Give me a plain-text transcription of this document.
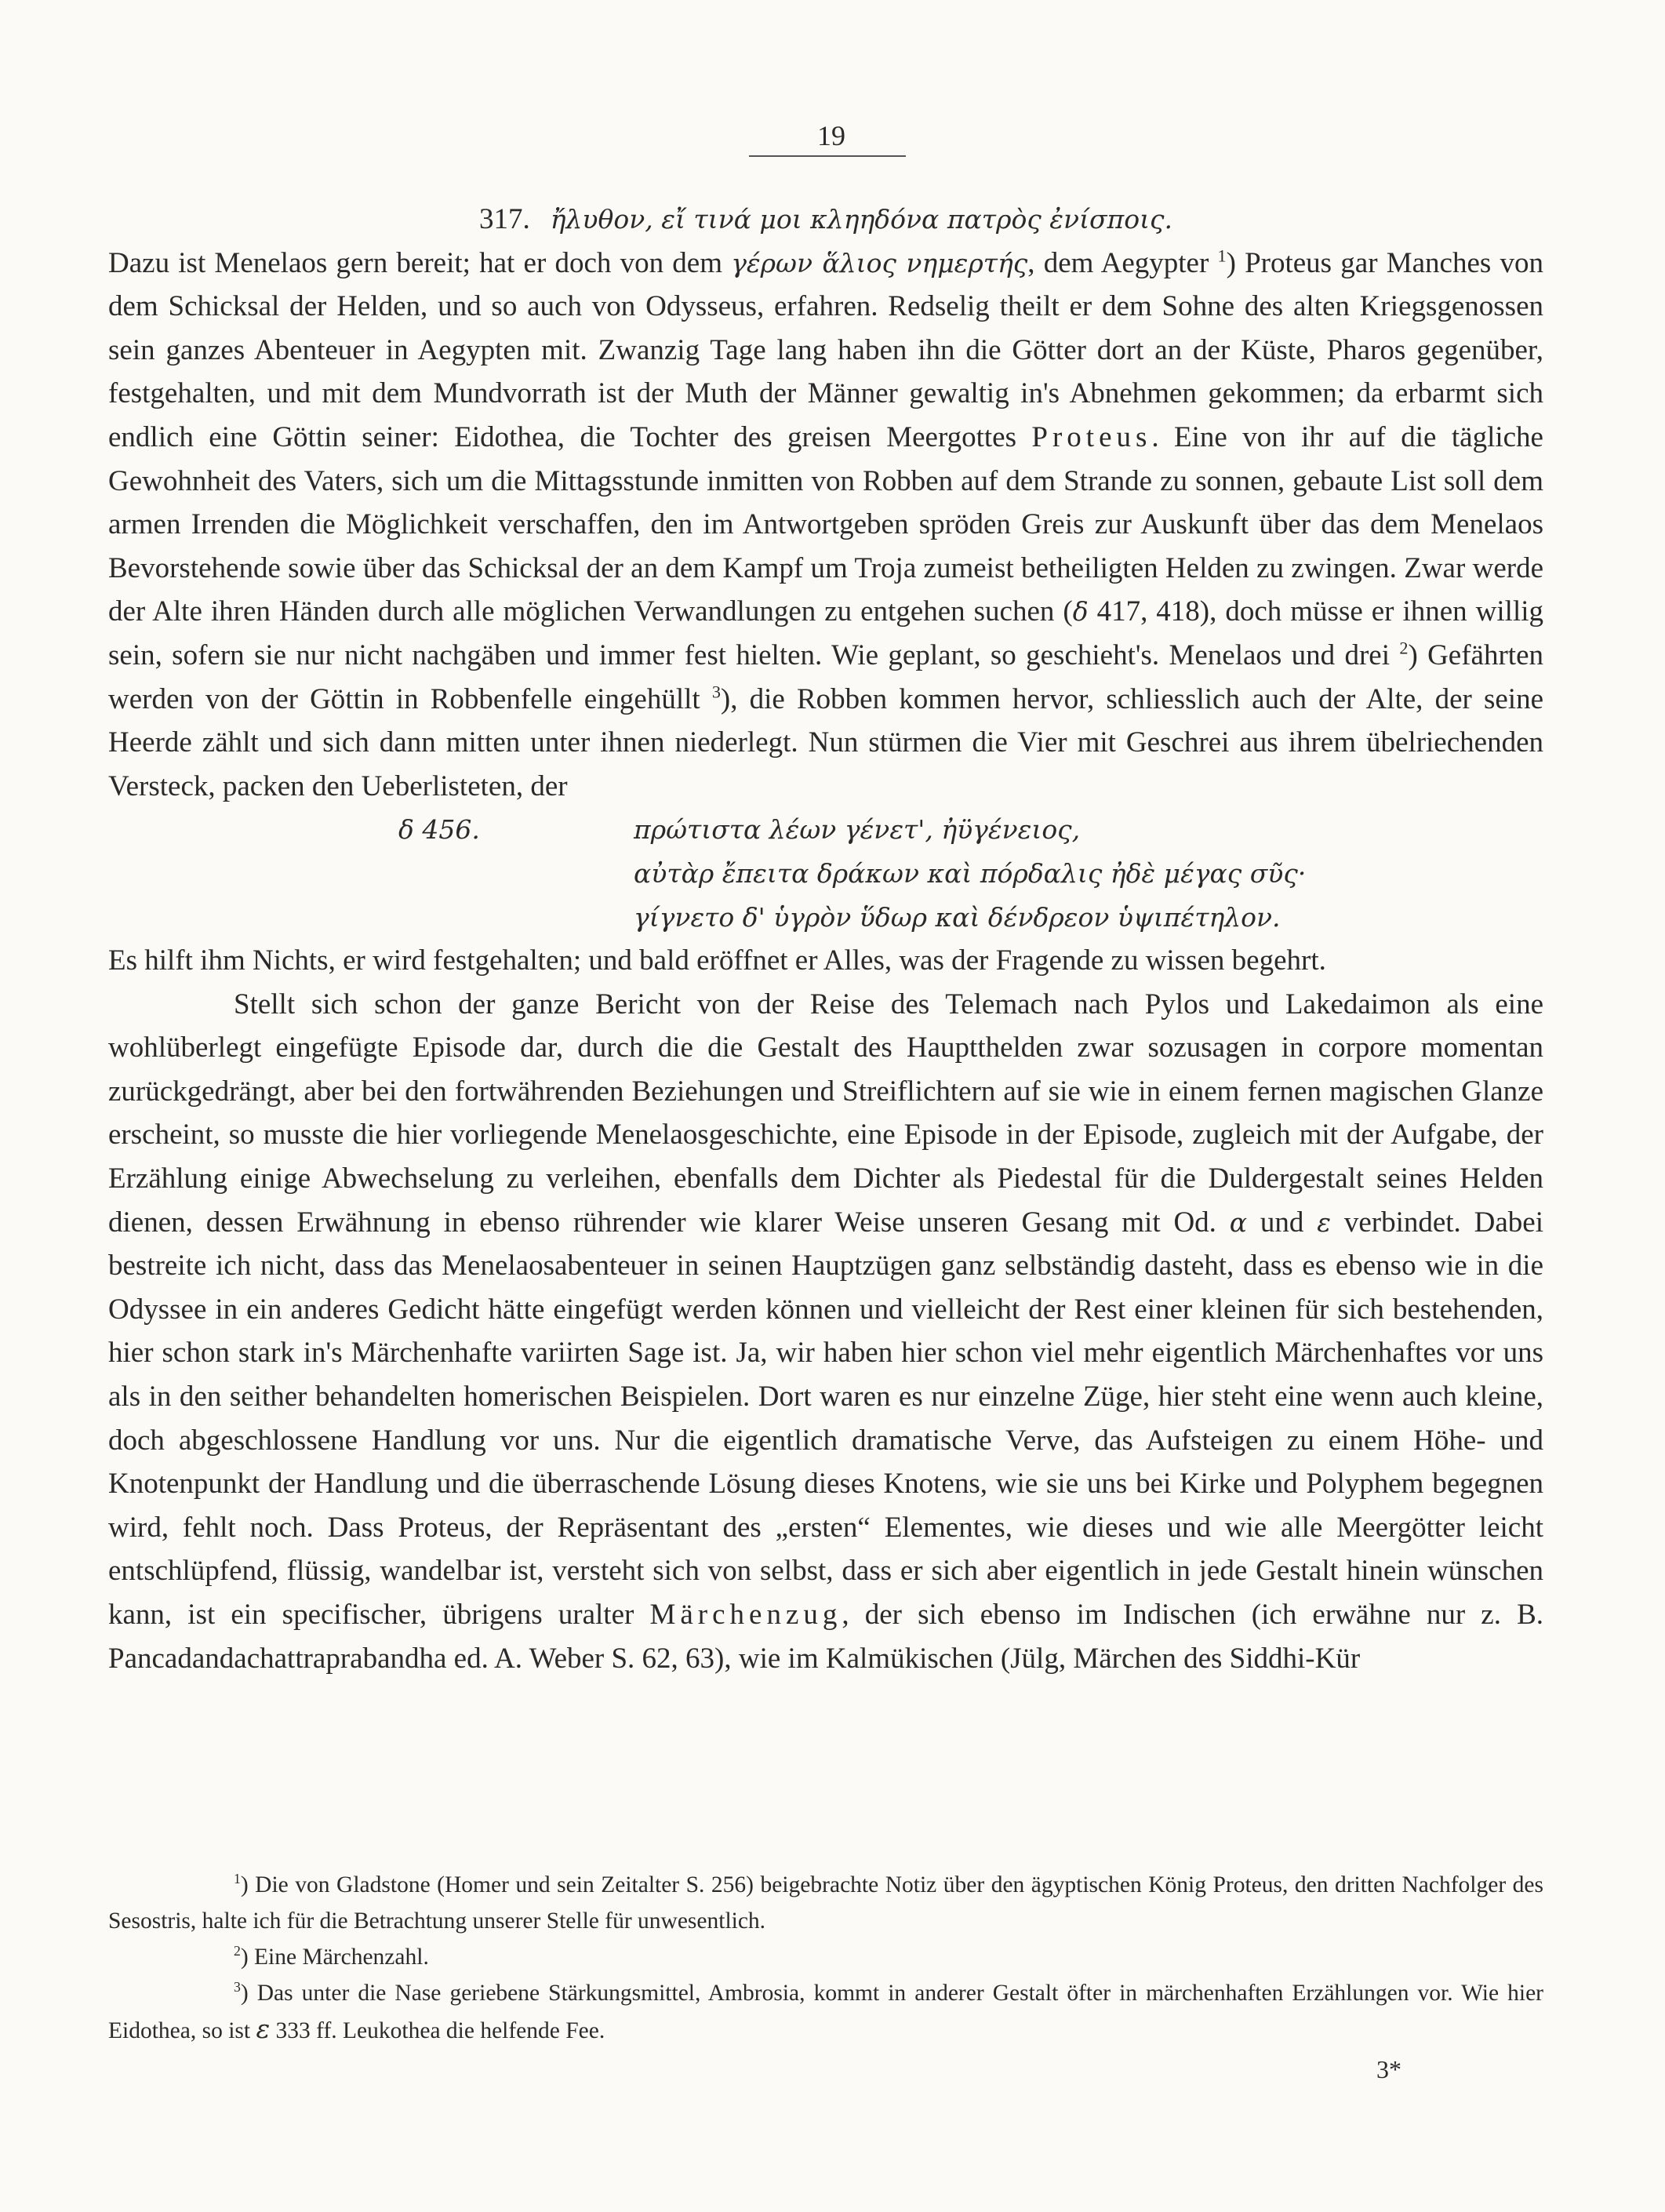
19

317. ἤλυθον, εἴ τινά μοι κληηδόνα πατρὸς ἐνίσποις.

Dazu ist Menelaos gern bereit; hat er doch von dem γέρων ἅλιος νημερτής, dem Aegypter $^1$) Proteus gar Manches von dem Schicksal der Helden, und so auch von Odysseus, erfahren. Redselig theilt er dem Sohne des alten Kriegsgenossen sein ganzes Abenteuer in Aegypten mit. Zwanzig Tage lang haben ihn die Götter dort an der Küste, Pharos gegenüber, festgehalten, und mit dem Mundvorrath ist der Muth der Männer gewaltig in's Abnehmen gekommen; da erbarmt sich endlich eine Göttin seiner: Eidothea, die Tochter des greisen Meergottes Proteus. Eine von ihr auf die tägliche Gewohnheit des Vaters, sich um die Mittagsstunde inmitten von Robben auf dem Strande zu sonnen, gebaute List soll dem armen Irrenden die Möglichkeit verschaffen, den im Antwortgeben spröden Greis zur Auskunft über das dem Menelaos Bevorstehende sowie über das Schicksal der an dem Kampf um Troja zumeist betheiligten Helden zu zwingen. Zwar werde der Alte ihren Händen durch alle möglichen Verwandlungen zu entgehen suchen (δ 417, 418), doch müsse er ihnen willig sein, sofern sie nur nicht nachgäben und immer fest hielten. Wie geplant, so geschieht's. Menelaos und drei $^2$) Gefährten werden von der Göttin in Robbenfelle eingehüllt $^3$), die Robben kommen hervor, schliesslich auch der Alte, der seine Heerde zählt und sich dann mitten unter ihnen niederlegt. Nun stürmen die Vier mit Geschrei aus ihrem übelriechenden Versteck, packen den Ueberlisteten, der

δ 456.	πρώτιστα λέων γένετ', ἠϋγένειος,
αὐτὰρ ἔπειτα δράκων καὶ πόρδαλις ἠδὲ μέγας σῦς·
γίγνετο δ' ὑγρὸν ὕδωρ καὶ δένδρεον ὑψιπέτηλον.

Es hilft ihm Nichts, er wird festgehalten; und bald eröffnet er Alles, was der Fragende zu wissen begehrt.

Stellt sich schon der ganze Bericht von der Reise des Telemach nach Pylos und Lakedaimon als eine wohlüberlegt eingefügte Episode dar, durch die die Gestalt des Hauptthelden zwar sozusagen in corpore momentan zurückgedrängt, aber bei den fortwährenden Beziehungen und Streiflichtern auf sie wie in einem fernen magischen Glanze erscheint, so musste die hier vorliegende Menelaosgeschichte, eine Episode in der Episode, zugleich mit der Aufgabe, der Erzählung einige Abwechselung zu verleihen, ebenfalls dem Dichter als Piedestal für die Duldergestalt seines Helden dienen, dessen Erwähnung in ebenso rührender wie klarer Weise unseren Gesang mit Od. α und ε verbindet. Dabei bestreite ich nicht, dass das Menelaosabenteuer in seinen Hauptzügen ganz selbständig dasteht, dass es ebenso wie in die Odyssee in ein anderes Gedicht hätte eingefügt werden können und vielleicht der Rest einer kleinen für sich bestehenden, hier schon stark in's Märchenhafte variirten Sage ist. Ja, wir haben hier schon viel mehr eigentlich Märchenhaftes vor uns als in den seither behandelten homerischen Beispielen. Dort waren es nur einzelne Züge, hier steht eine wenn auch kleine, doch abgeschlossene Handlung vor uns. Nur die eigentlich dramatische Verve, das Aufsteigen zu einem Höhe- und Knotenpunkt der Handlung und die überraschende Lösung dieses Knotens, wie sie uns bei Kirke und Polyphem begegnen wird, fehlt noch. Dass Proteus, der Repräsentant des „ersten“ Elementes, wie dieses und wie alle Meergötter leicht entschlüpfend, flüssig, wandelbar ist, versteht sich von selbst, dass er sich aber eigentlich in jede Gestalt hinein wünschen kann, ist ein specifischer, übrigens uralter Märchenzug, der sich ebenso im Indischen (ich erwähne nur z. B. Pancadandachattraprabandha ed. A. Weber S. 62, 63), wie im Kalmükischen (Jülg, Märchen des Siddhi-Kür

$^1$) Die von Gladstone (Homer und sein Zeitalter S. 256) beigebrachte Notiz über den ägyptischen König Proteus, den dritten Nachfolger des Sesostris, halte ich für die Betrachtung unserer Stelle für unwesentlich.

$^2$) Eine Märchenzahl.

$^3$) Das unter die Nase geriebene Stärkungsmittel, Ambrosia, kommt in anderer Gestalt öfter in märchenhaften Erzählungen vor. Wie hier Eidothea, so ist ε 333 ff. Leukothea die helfende Fee.

3*
